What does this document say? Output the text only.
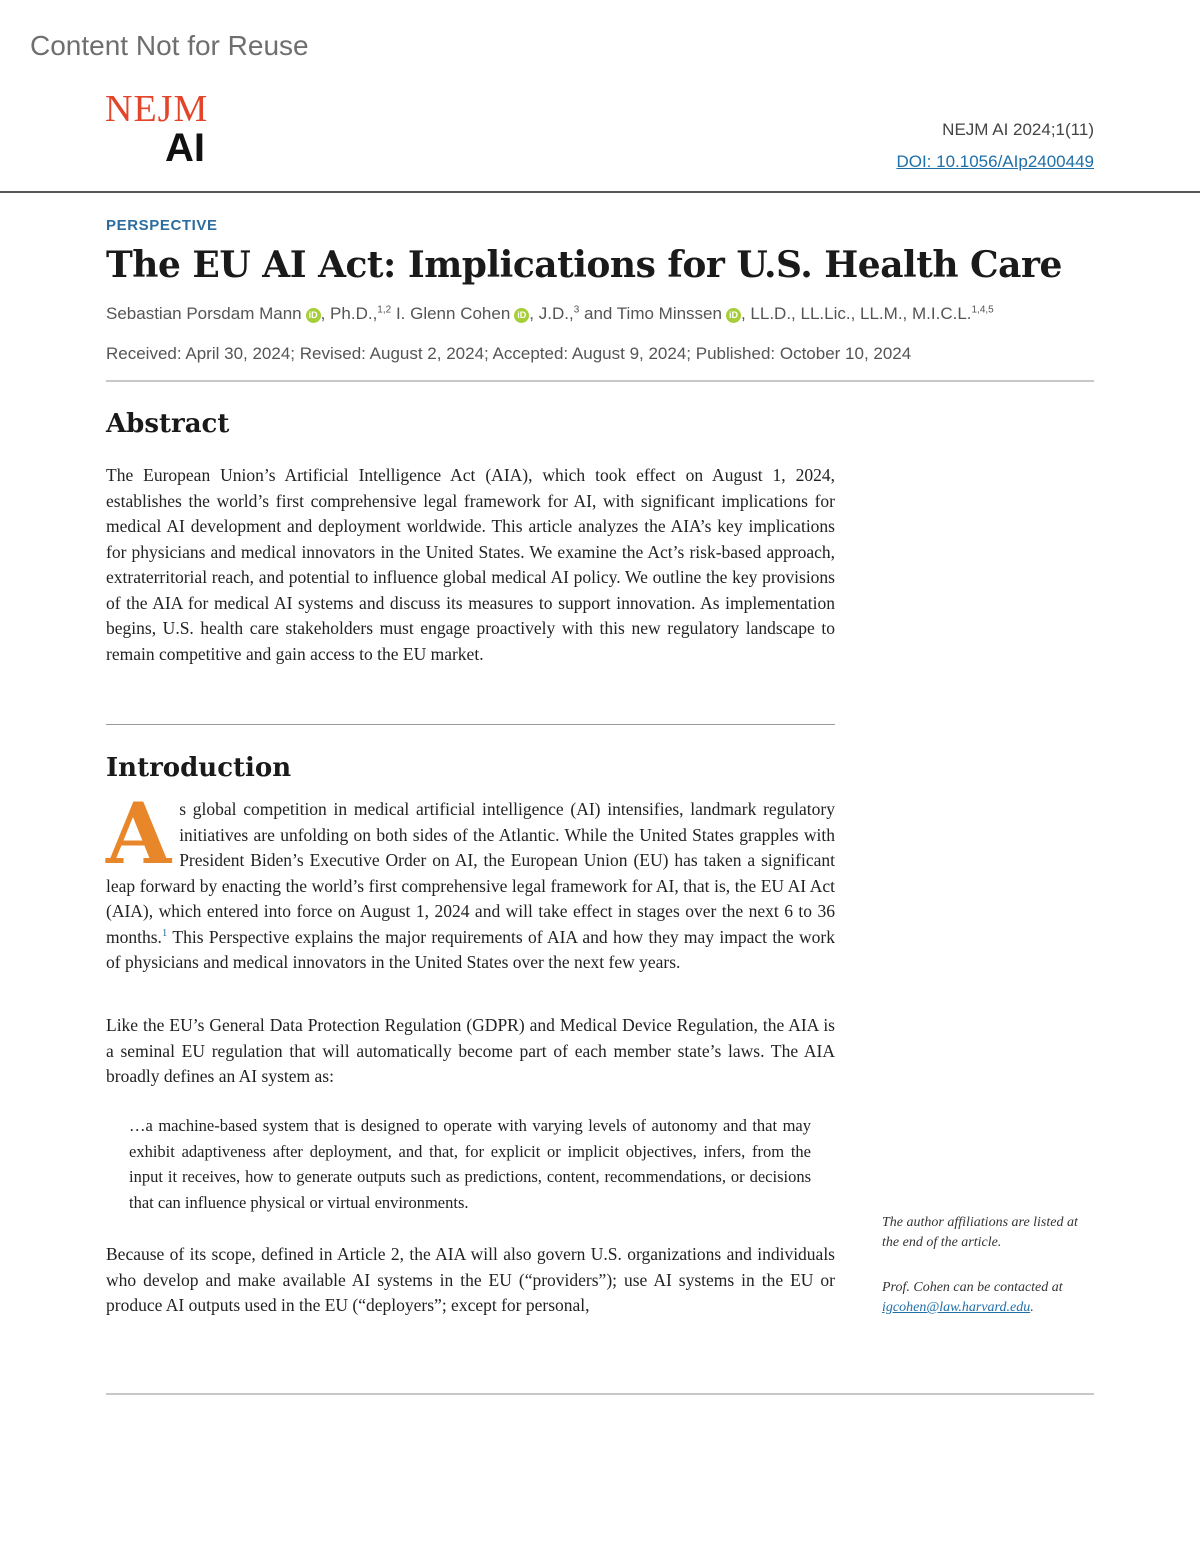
Content Not for Reuse
NEJM
AI	NEJM AI 2024;1(11)
DOI: 10.1056/AIp2400449
PERSPECTIVE
The EU AI Act: Implications for U.S. Health Care
Sebastian Porsdam Mann iD , Ph.D.,$^{1,2}$ I. Glenn Cohen iD , J.D.,$^3$ and Timo Minssen iD , LL.D., LL.Lic., LL.M., M.I.C.L.$^{1,4,5}$
Received: April 30, 2024; Revised: August 2, 2024; Accepted: August 9, 2024; Published: October 10, 2024
Abstract

The European Union’s Artificial Intelligence Act (AIA), which took effect on August 1, 2024, establishes the world’s first comprehensive legal framework for AI, with significant implications for medical AI development and deployment worldwide. This article analyzes the AIA’s key implications for physicians and medical innovators in the United States. We examine the Act’s risk-based approach, extraterritorial reach, and potential to influence global medical AI policy. We outline the key provisions of the AIA for medical AI systems and discuss its measures to support innovation. As implementation begins, U.S. health care stakeholders must engage proactively with this new regulatory landscape to remain competitive and gain access to the EU market.

Introduction

As global competition in medical artificial intelligence (AI) intensifies, landmark regulatory initiatives are unfolding on both sides of the Atlantic. While the United States grapples with President Biden’s Executive Order on AI, the European Union (EU) has taken a significant leap forward by enacting the world’s first comprehensive legal framework for AI, that is, the EU AI Act (AIA), which entered into force on August 1, 2024 and will take effect in stages over the next 6 to 36 months.$^1$ This Perspective explains the major requirements of AIA and how they may impact the work of physicians and medical innovators in the United States over the next few years.

Like the EU’s General Data Protection Regulation (GDPR) and Medical Device Regulation, the AIA is a seminal EU regulation that will automatically become part of each member state’s laws. The AIA broadly defines an AI system as:

…a machine-based system that is designed to operate with varying levels of autonomy and that may exhibit adaptiveness after deployment, and that, for explicit or implicit objectives, infers, from the input it receives, how to generate outputs such as predictions, content, recommendations, or decisions that can influence physical or virtual environments.

Because of its scope, defined in Article 2, the AIA will also govern U.S. organizations and individuals who develop and make available AI systems in the EU (“providers”); use AI systems in the EU or produce AI outputs used in the EU (“deployers”; except for personal,

The author affiliations are listed at the end of the article.

Prof. Cohen can be contacted at igcohen@law.harvard.edu.
